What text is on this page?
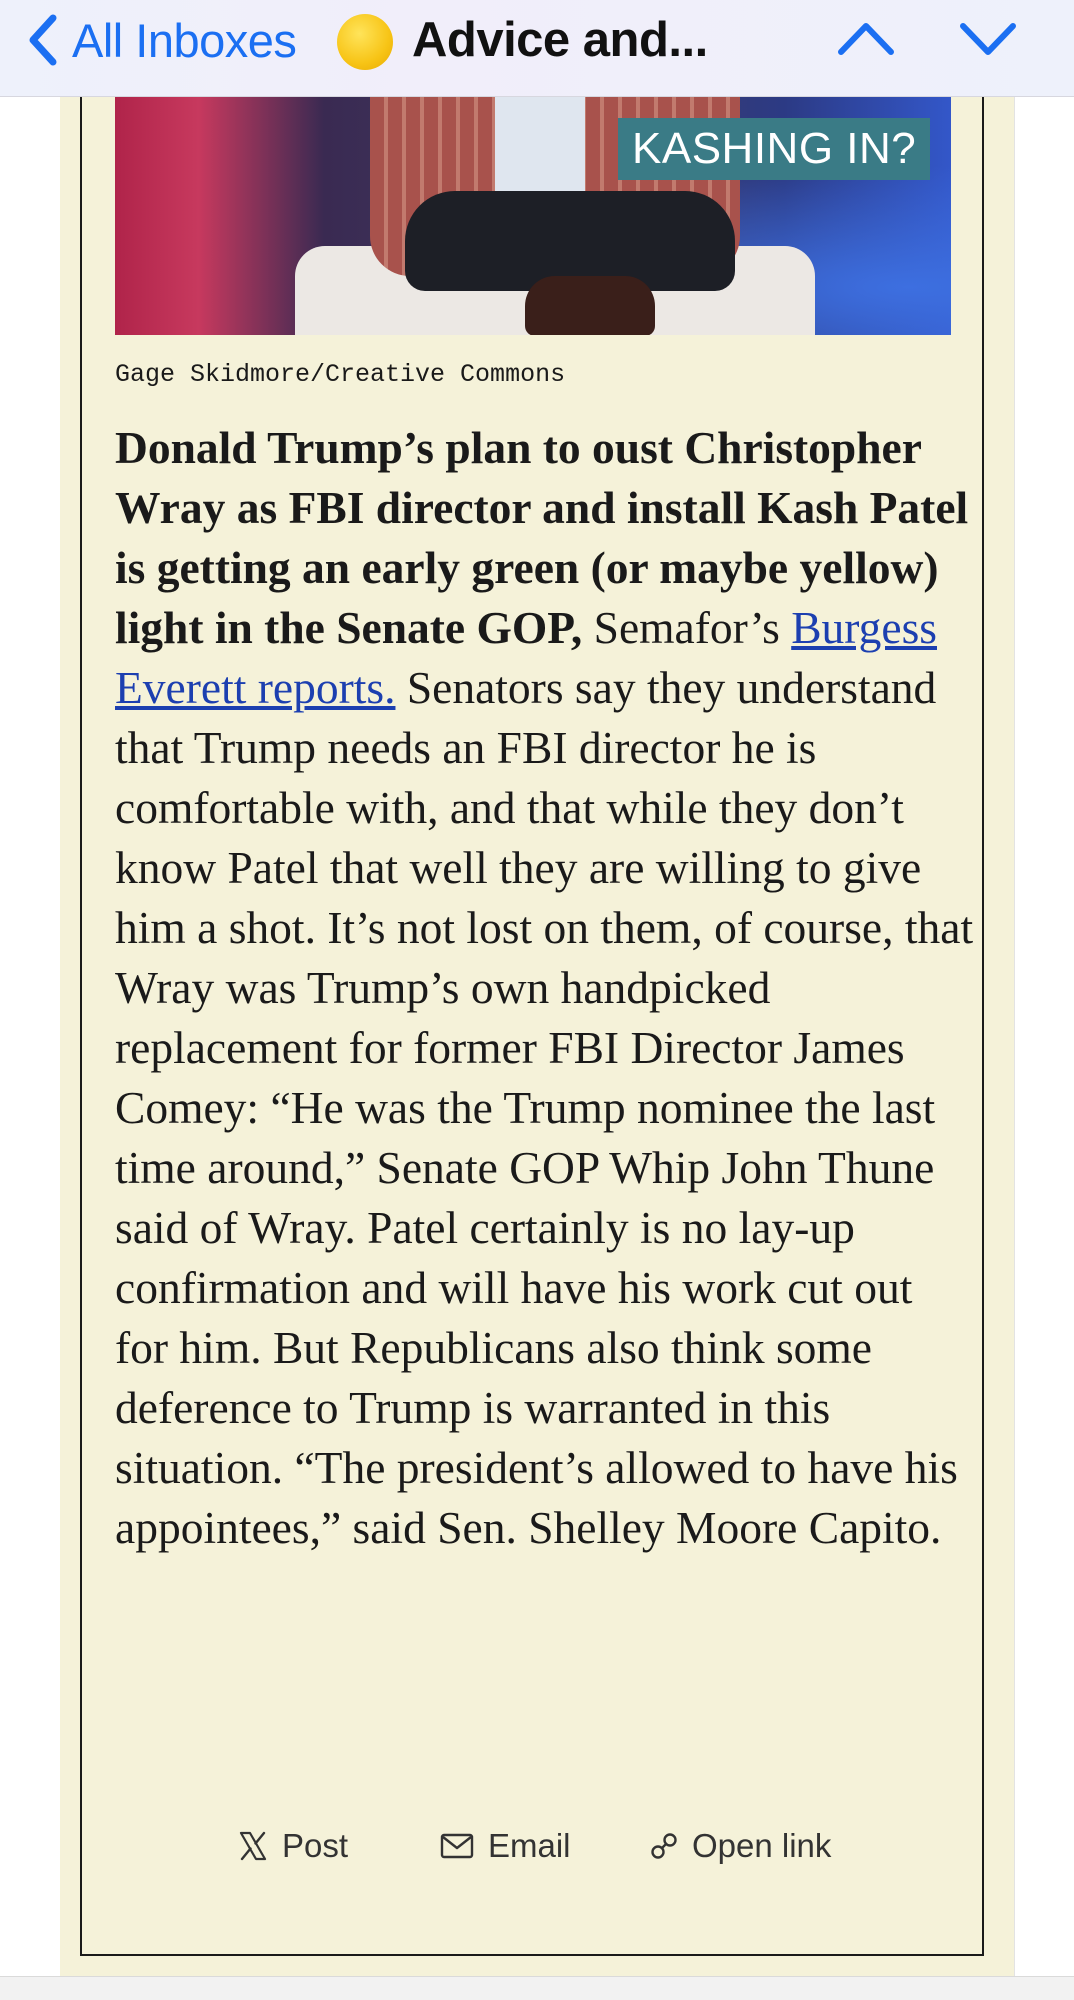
All Inboxes Advice and...
KASHING IN?
Gage Skidmore/Creative Commons

Donald Trump’s plan to oust Christopher Wray as FBI director and install Kash Patel is getting an early green (or maybe yellow) light in the Senate GOP, Semafor’s Burgess Everett reports. Senators say they understand that Trump needs an FBI director he is comfortable with, and that while they don’t know Patel that well they are willing to give him a shot. It’s not lost on them, of course, that Wray was Trump’s own handpicked replacement for former FBI Director James Comey: “He was the Trump nominee the last time around,” Senate GOP Whip John Thune said of Wray. Patel certainly is no lay-up confirmation and will have his work cut out for him. But Republicans also think some deference to Trump is warranted in this situation. “The president’s allowed to have his appointees,” said Sen. Shelley Moore Capito.

Post	Email	Open link
